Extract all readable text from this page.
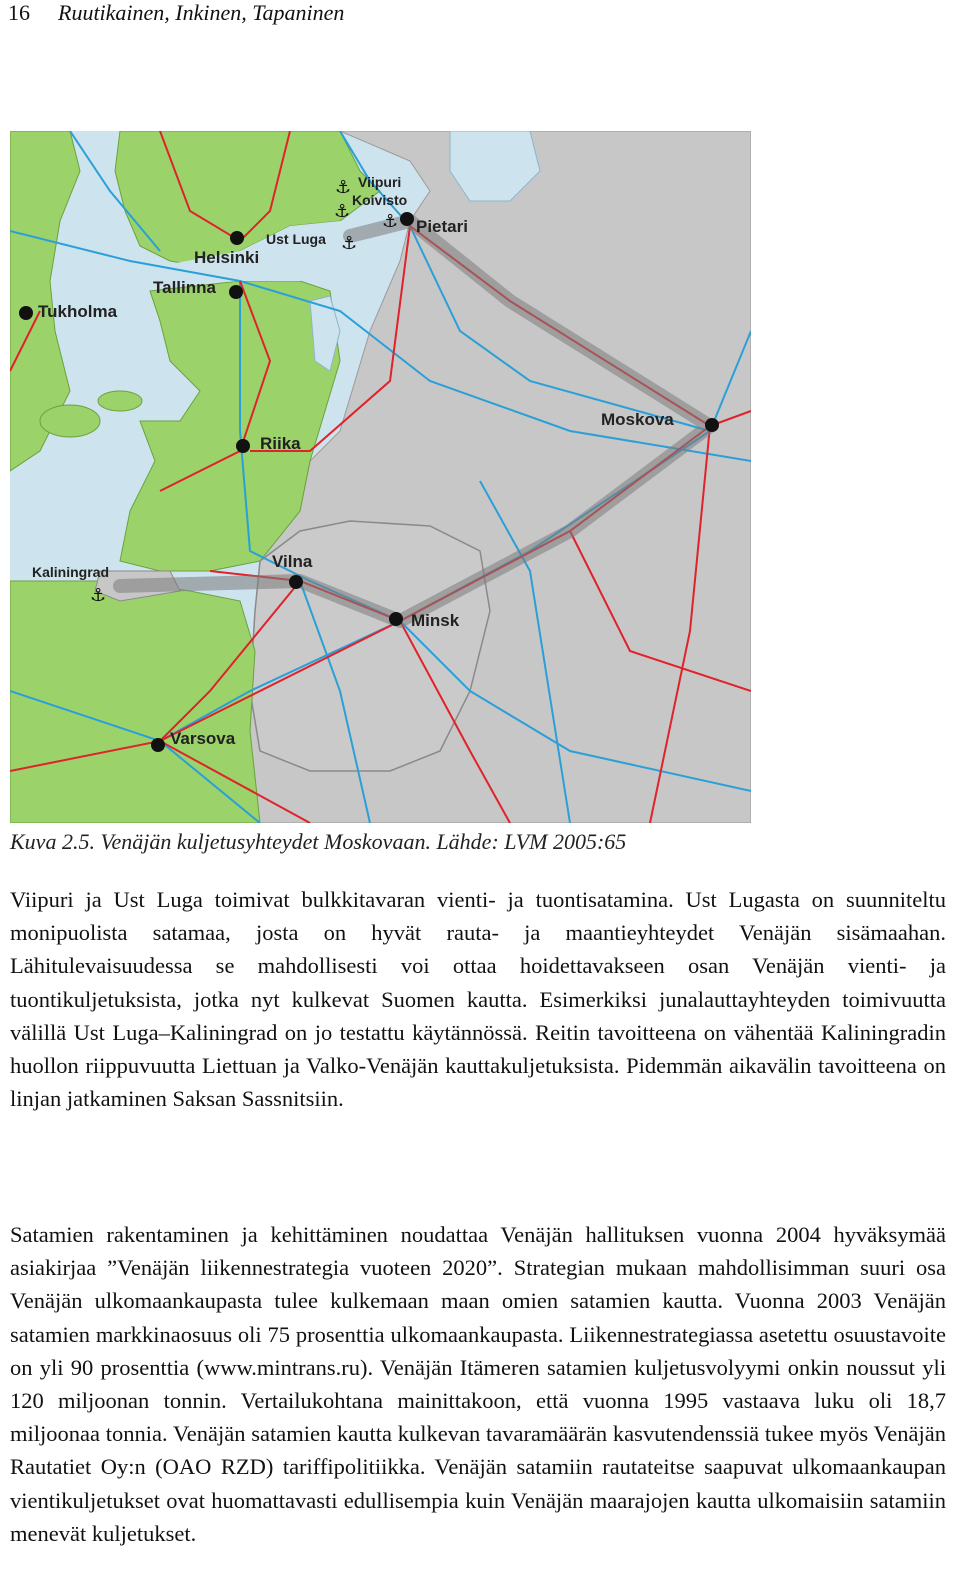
16 Ruutikainen, Inkinen, Tapaninen
⚓
⚓ ⚓
⚓
⚓
Viipuri
Koivisto
Pietari
Ust Luga
Helsinki
Tallinna
Tukholma
Moskova
Riika
Kaliningrad
Vilna
Minsk
Varsova
Kuva 2.5. Venäjän kuljetusyhteydet Moskovaan. Lähde: LVM 2005:65

Viipuri ja Ust Luga toimivat bulkkitavaran vienti- ja tuontisatamina. Ust Lugasta on suunniteltu monipuolista satamaa, josta on hyvät rauta- ja maantieyhteydet Venäjän sisämaahan. Lähitulevaisuudessa se mahdollisesti voi ottaa hoidettavakseen osan Venäjän vienti- ja tuontikuljetuksista, jotka nyt kulkevat Suomen kautta. Esimerkiksi junalauttayhteyden toimivuutta välillä Ust Luga–Kaliningrad on jo testattu käytännössä. Reitin tavoitteena on vähentää Kaliningradin huollon riippuvuutta Liettuan ja Valko-Venäjän kauttakuljetuksista. Pidemmän aikavälin tavoitteena on linjan jatkaminen Saksan Sassnitsiin.

Satamien rakentaminen ja kehittäminen noudattaa Venäjän hallituksen vuonna 2004 hyväksymää asiakirjaa ”Venäjän liikennestrategia vuoteen 2020”. Strategian mukaan mahdollisimman suuri osa Venäjän ulkomaankaupasta tulee kulkemaan maan omien satamien kautta. Vuonna 2003 Venäjän satamien markkinaosuus oli 75 prosenttia ulkomaankaupasta. Liikennestrategiassa asetettu osuustavoite on yli 90 prosenttia (www.mintrans.ru). Venäjän Itämeren satamien kuljetusvolyymi onkin noussut yli 120 miljoonan tonnin. Vertailukohtana mainittakoon, että vuonna 1995 vastaava luku oli 18,7 miljoonaa tonnia. Venäjän satamien kautta kulkevan tavaramäärän kasvutendenssiä tukee myös Venäjän Rautatiet Oy:n (OAO RZD) tariffipolitiikka. Venäjän satamiin rautateitse saapuvat ulkomaankaupan vientikuljetukset ovat huomattavasti edullisempia kuin Venäjän maarajojen kautta ulkomaisiin satamiin menevät kuljetukset.
